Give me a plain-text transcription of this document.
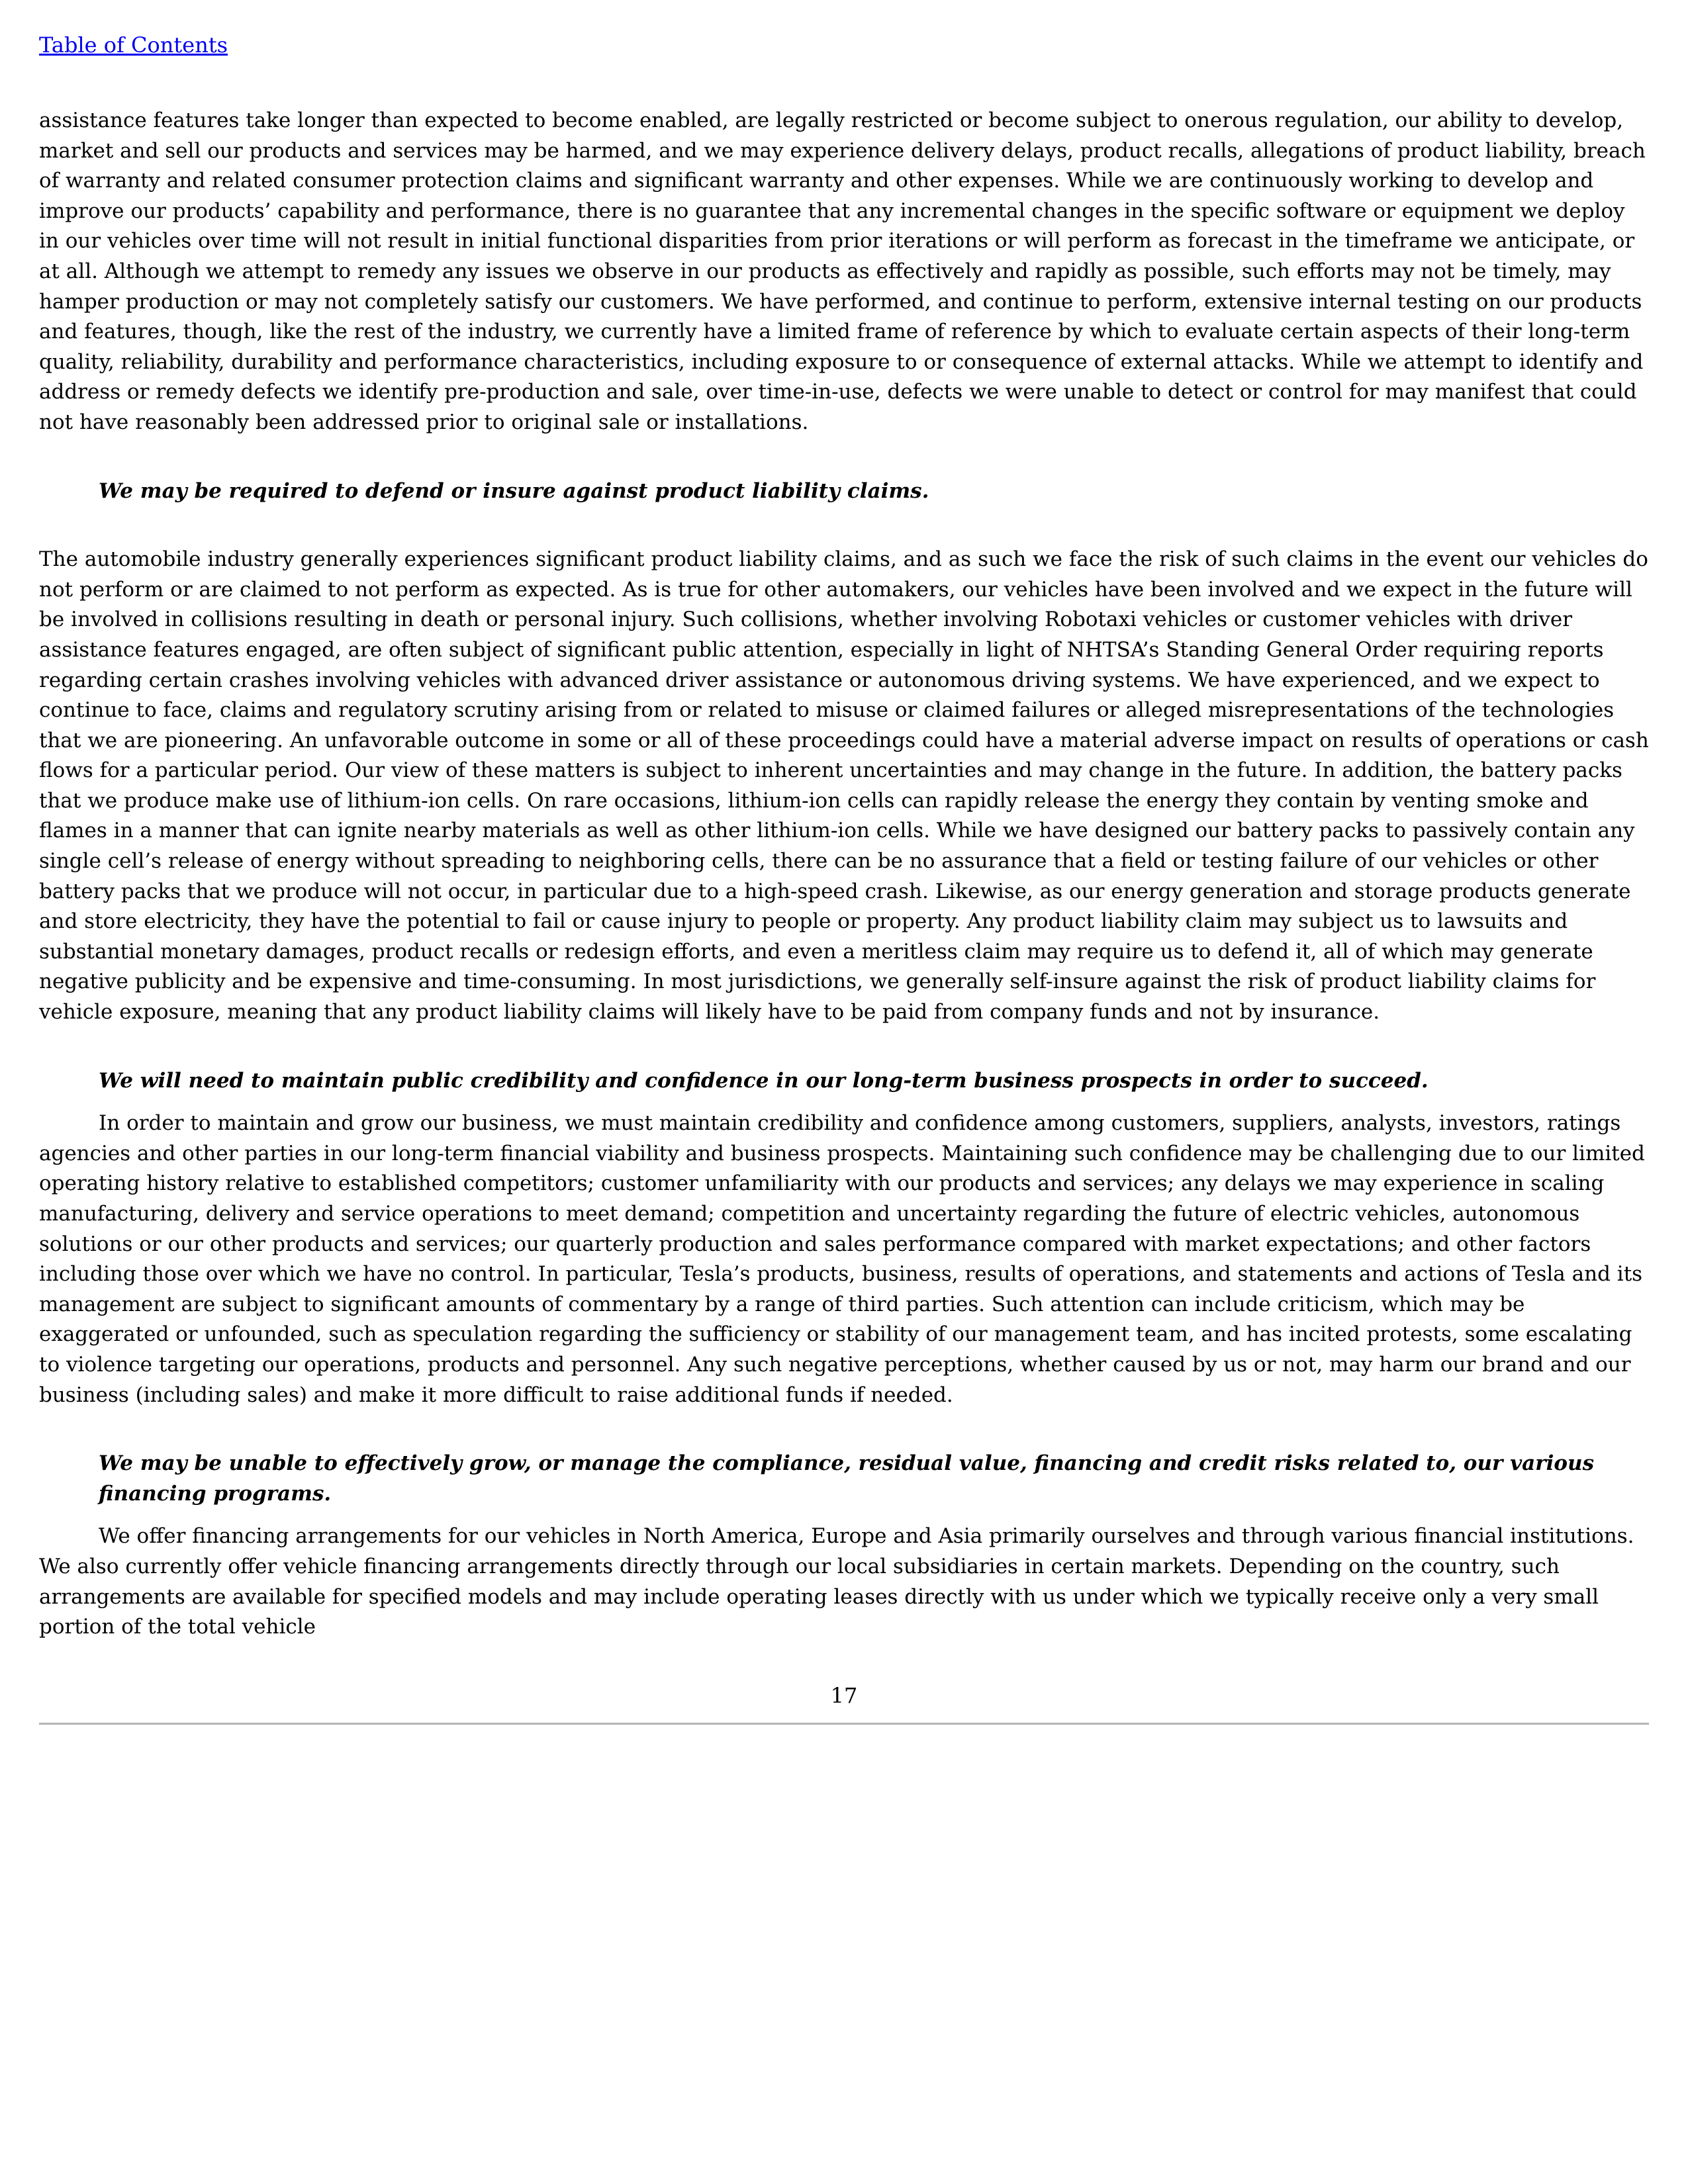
Table of Contents

assistance features take longer than expected to become enabled, are legally restricted or become subject to onerous regulation, our ability to develop, market and sell our products and services may be harmed, and we may experience delivery delays, product recalls, allegations of product liability, breach of warranty and related consumer protection claims and significant warranty and other expenses. While we are continuously working to develop and improve our products’ capability and performance, there is no guarantee that any incremental changes in the specific software or equipment we deploy in our vehicles over time will not result in initial functional disparities from prior iterations or will perform as forecast in the timeframe we anticipate, or at all. Although we attempt to remedy any issues we observe in our products as effectively and rapidly as possible, such efforts may not be timely, may hamper production or may not completely satisfy our customers. We have performed, and continue to perform, extensive internal testing on our products and features, though, like the rest of the industry, we currently have a limited frame of reference by which to evaluate certain aspects of their long-term quality, reliability, durability and performance characteristics, including exposure to or consequence of external attacks. While we attempt to identify and address or remedy defects we identify pre-production and sale, over time-in-use, defects we were unable to detect or control for may manifest that could not have reasonably been addressed prior to original sale or installations.

We may be required to defend or insure against product liability claims.

The automobile industry generally experiences significant product liability claims, and as such we face the risk of such claims in the event our vehicles do not perform or are claimed to not perform as expected. As is true for other automakers, our vehicles have been involved and we expect in the future will be involved in collisions resulting in death or personal injury. Such collisions, whether involving Robotaxi vehicles or customer vehicles with driver assistance features engaged, are often subject of significant public attention, especially in light of NHTSA’s Standing General Order requiring reports regarding certain crashes involving vehicles with advanced driver assistance or autonomous driving systems. We have experienced, and we expect to continue to face, claims and regulatory scrutiny arising from or related to misuse or claimed failures or alleged misrepresentations of the technologies that we are pioneering. An unfavorable outcome in some or all of these proceedings could have a material adverse impact on results of operations or cash flows for a particular period. Our view of these matters is subject to inherent uncertainties and may change in the future. In addition, the battery packs that we produce make use of lithium-ion cells. On rare occasions, lithium-ion cells can rapidly release the energy they contain by venting smoke and flames in a manner that can ignite nearby materials as well as other lithium-ion cells. While we have designed our battery packs to passively contain any single cell’s release of energy without spreading to neighboring cells, there can be no assurance that a field or testing failure of our vehicles or other battery packs that we produce will not occur, in particular due to a high-speed crash. Likewise, as our energy generation and storage products generate and store electricity, they have the potential to fail or cause injury to people or property. Any product liability claim may subject us to lawsuits and substantial monetary damages, product recalls or redesign efforts, and even a meritless claim may require us to defend it, all of which may generate negative publicity and be expensive and time-consuming. In most jurisdictions, we generally self-insure against the risk of product liability claims for vehicle exposure, meaning that any product liability claims will likely have to be paid from company funds and not by insurance.

We will need to maintain public credibility and confidence in our long-term business prospects in order to succeed.

In order to maintain and grow our business, we must maintain credibility and confidence among customers, suppliers, analysts, investors, ratings agencies and other parties in our long-term financial viability and business prospects. Maintaining such confidence may be challenging due to our limited operating history relative to established competitors; customer unfamiliarity with our products and services; any delays we may experience in scaling manufacturing, delivery and service operations to meet demand; competition and uncertainty regarding the future of electric vehicles, autonomous solutions or our other products and services; our quarterly production and sales performance compared with market expectations; and other factors including those over which we have no control. In particular, Tesla’s products, business, results of operations, and statements and actions of Tesla and its management are subject to significant amounts of commentary by a range of third parties. Such attention can include criticism, which may be exaggerated or unfounded, such as speculation regarding the sufficiency or stability of our management team, and has incited protests, some escalating to violence targeting our operations, products and personnel. Any such negative perceptions, whether caused by us or not, may harm our brand and our business (including sales) and make it more difficult to raise additional funds if needed.

We may be unable to effectively grow, or manage the compliance, residual value, financing and credit risks related to, our various financing programs.

We offer financing arrangements for our vehicles in North America, Europe and Asia primarily ourselves and through various financial institutions. We also currently offer vehicle financing arrangements directly through our local subsidiaries in certain markets. Depending on the country, such arrangements are available for specified models and may include operating leases directly with us under which we typically receive only a very small portion of the total vehicle

17
